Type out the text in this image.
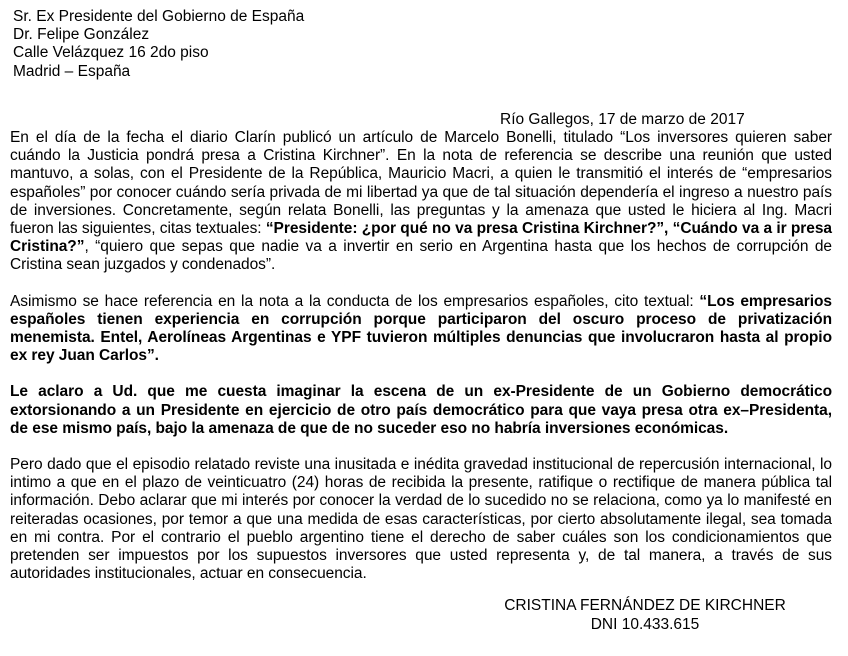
Sr. Ex Presidente del Gobierno de España
Dr. Felipe González
Calle Velázquez 16 2do piso
Madrid – España
Río Gallegos, 17 de marzo de 2017

En el día de la fecha el diario Clarín publicó un artículo de Marcelo Bonelli, titulado “Los inversores quieren saber cuándo la Justicia pondrá presa a Cristina Kirchner”. En la nota de referencia se describe una reunión que usted mantuvo, a solas, con el Presidente de la República, Mauricio Macri, a quien le transmitió el interés de “empresarios españoles” por conocer cuándo sería privada de mi libertad ya que de tal situación dependería el ingreso a nuestro país de inversiones. Concretamente, según relata Bonelli, las preguntas y la amenaza que usted le hiciera al Ing. Macri fueron las siguientes, citas textuales: “Presidente: ¿por qué no va presa Cristina Kirchner?”, “Cuándo va a ir presa Cristina?”, “quiero que sepas que nadie va a invertir en serio en Argentina hasta que los hechos de corrupción de Cristina sean juzgados y condenados”.

Asimismo se hace referencia en la nota a la conducta de los empresarios españoles, cito textual: “Los empresarios españoles tienen experiencia en corrupción porque participaron del oscuro proceso de privatización menemista. Entel, Aerolíneas Argentinas e YPF tuvieron múltiples denuncias que involucraron hasta al propio ex rey Juan Carlos”.

Le aclaro a Ud. que me cuesta imaginar la escena de un ex-Presidente de un Gobierno democrático extorsionando a un Presidente en ejercicio de otro país democrático para que vaya presa otra ex–Presidenta, de ese mismo país, bajo la amenaza de que de no suceder eso no habría inversiones económicas.

Pero dado que el episodio relatado reviste una inusitada e inédita gravedad institucional de repercusión internacional, lo intimo a que en el plazo de veinticuatro (24) horas de recibida la presente, ratifique o rectifique de manera pública tal información. Debo aclarar que mi interés por conocer la verdad de lo sucedido no se relaciona, como ya lo manifesté en reiteradas ocasiones, por temor a que una medida de esas características, por cierto absolutamente ilegal, sea tomada en mi contra. Por el contrario el pueblo argentino tiene el derecho de saber cuáles son los condicionamientos que pretenden ser impuestos por los supuestos inversores que usted representa y, de tal manera, a través de sus autoridades institucionales, actuar en consecuencia.

CRISTINA FERNÁNDEZ DE KIRCHNER
DNI 10.433.615
